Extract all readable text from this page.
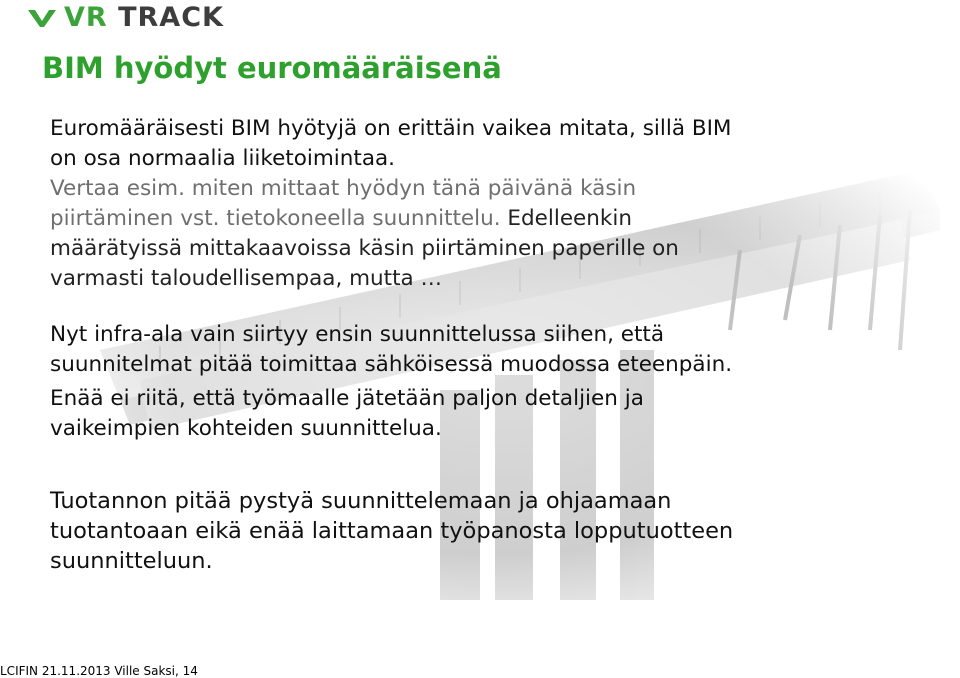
VR TRACK
BIM hyödyt euromääräisenä

Euromääräisesti BIM hyötyjä on erittäin vaikea mitata, sillä BIM
on osa normaalia liiketoimintaa.

Vertaa esim. miten mittaat hyödyn tänä päivänä käsin
piirtäminen vst. tietokoneella suunnittelu. Edelleenkin
määrätyissä mittakaavoissa käsin piirtäminen paperille on
varmasti taloudellisempaa, mutta …

Nyt infra-ala vain siirtyy ensin suunnittelussa siihen, että
suunnitelmat pitää toimittaa sähköisessä muodossa eteenpäin.

Enää ei riitä, että työmaalle jätetään paljon detaljien ja
vaikeimpien kohteiden suunnittelua.

Tuotannon pitää pystyä suunnittelemaan ja ohjaamaan
tuotantoaan eikä enää laittamaan työpanosta lopputuotteen
suunnitteluun.

LCIFIN 21.11.2013 Ville Saksi, 14
